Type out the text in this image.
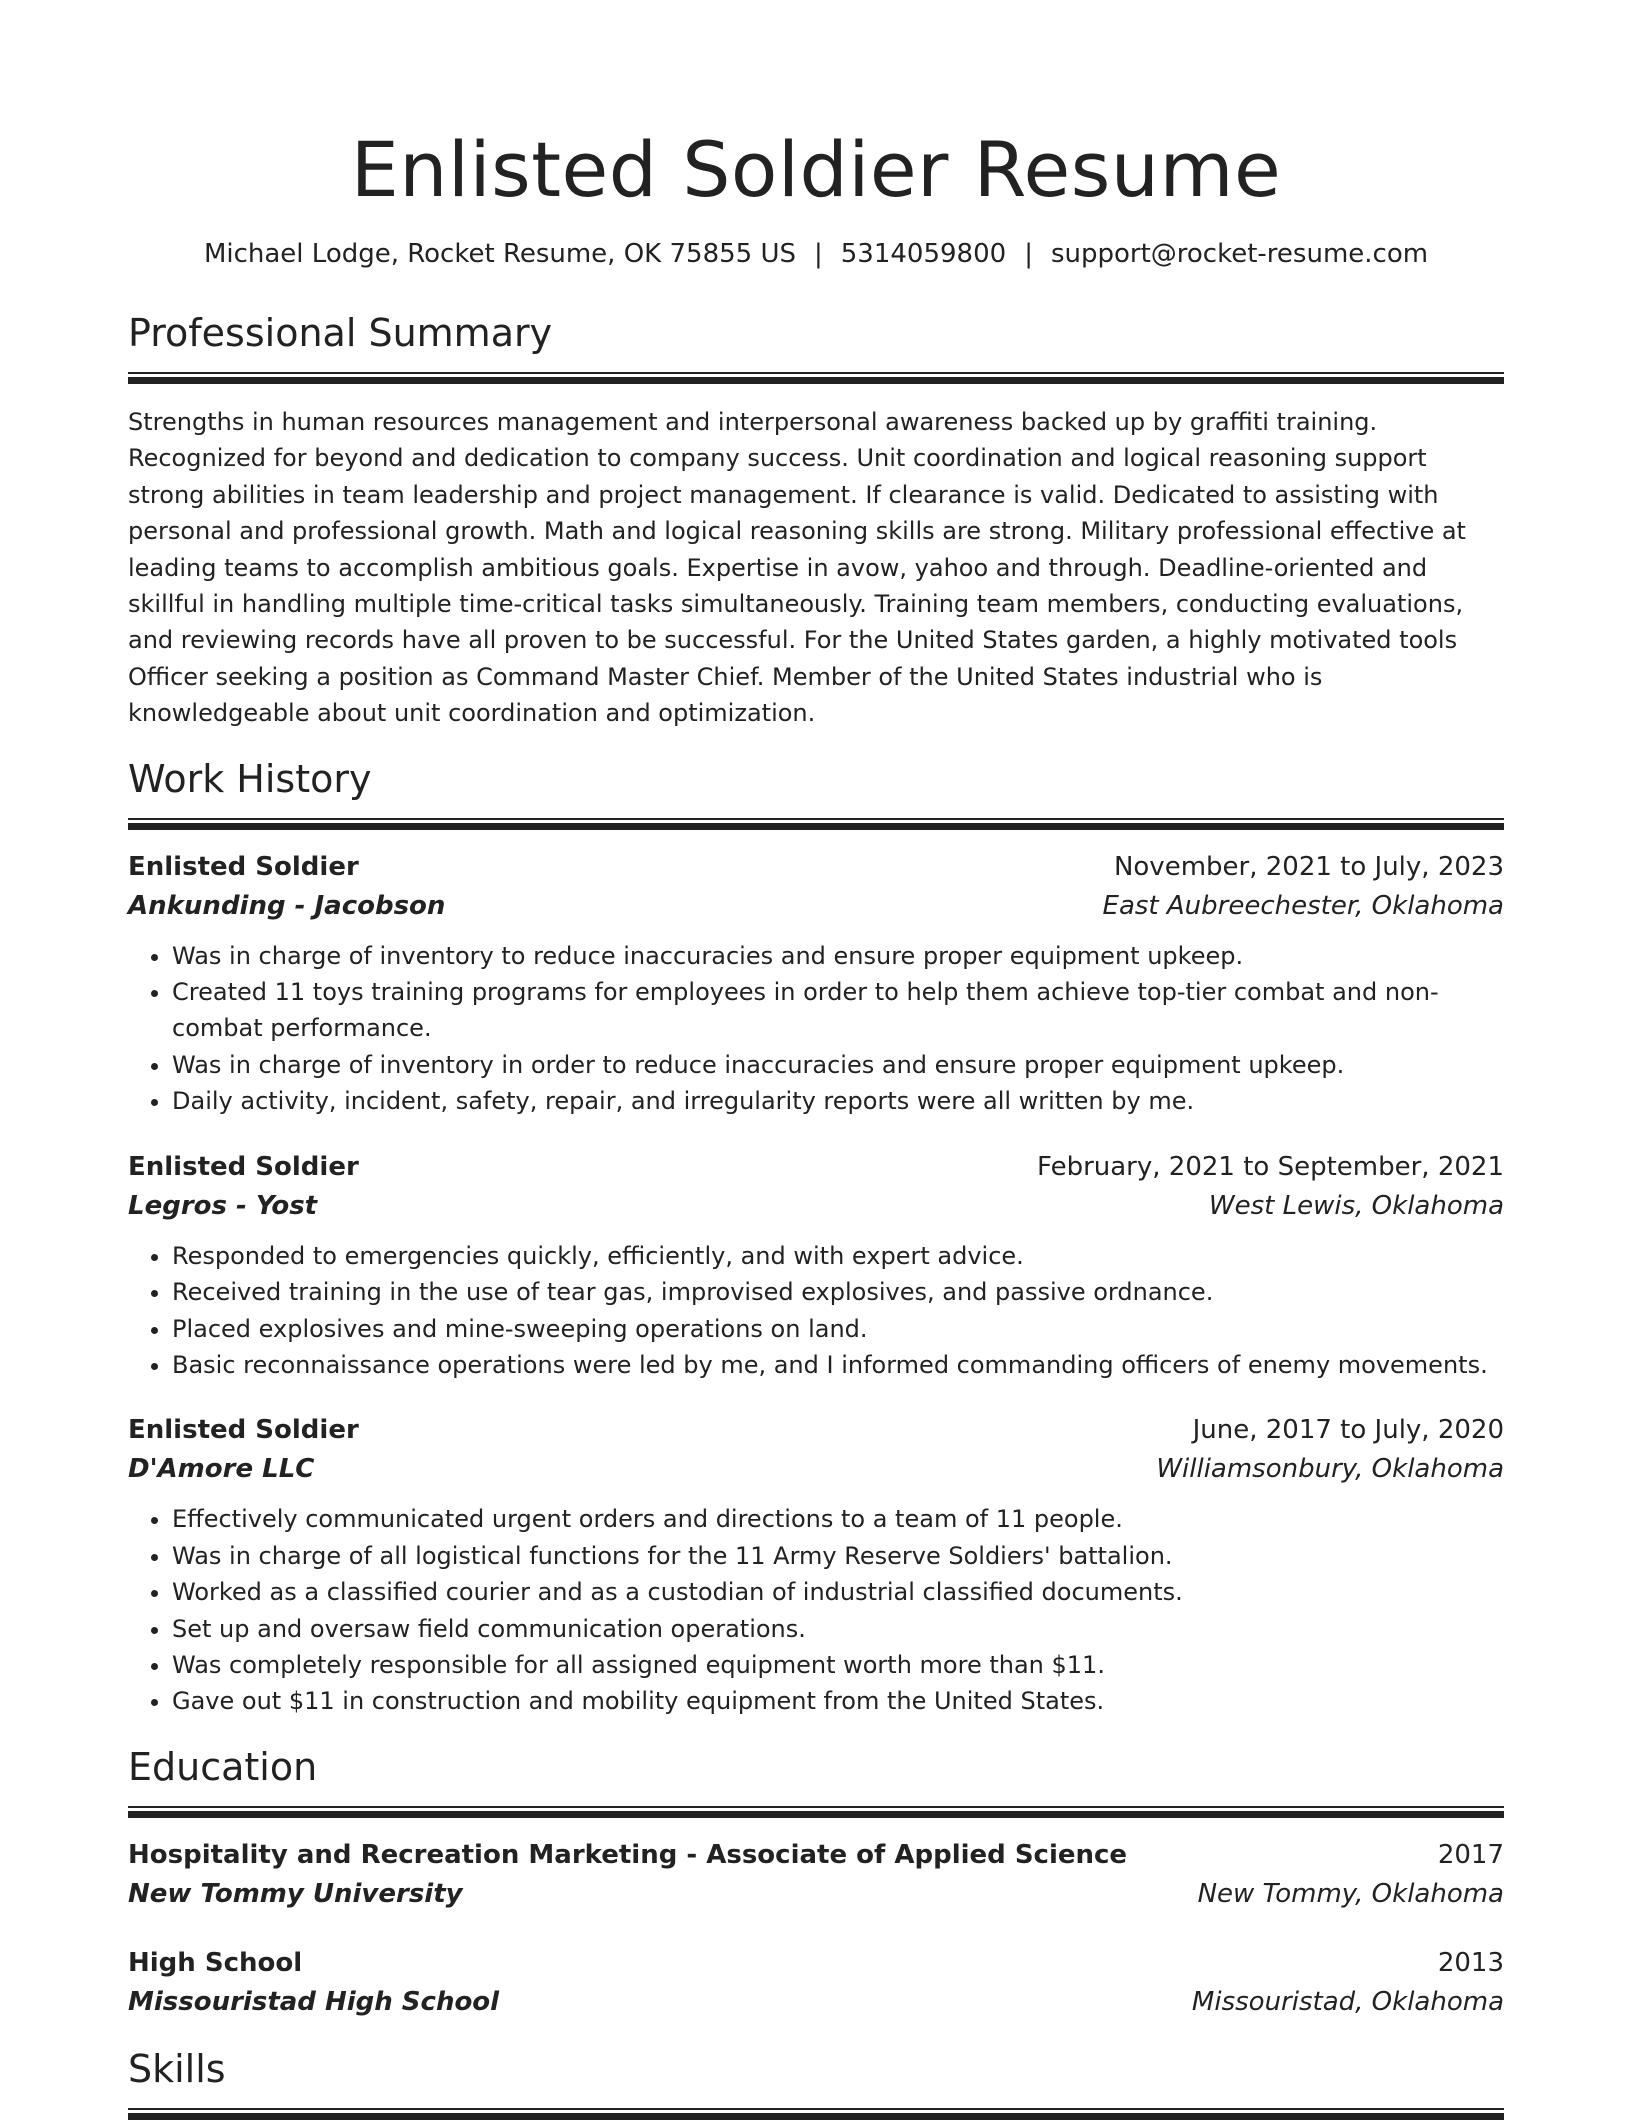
Enlisted Soldier Resume
Michael Lodge, Rocket Resume, OK 75855 US | 5314059800 | support@rocket-resume.com
Professional Summary

Strengths in human resources management and interpersonal awareness backed up by graffiti training. Recognized for beyond and dedication to company success. Unit coordination and logical reasoning support strong abilities in team leadership and project management. If clearance is valid. Dedicated to assisting with personal and professional growth. Math and logical reasoning skills are strong. Military professional effective at leading teams to accomplish ambitious goals. Expertise in avow, yahoo and through. Deadline-oriented and skillful in handling multiple time-critical tasks simultaneously. Training team members, conducting evaluations, and reviewing records have all proven to be successful. For the United States garden, a highly motivated tools Officer seeking a position as Command Master Chief. Member of the United States industrial who is knowledgeable about unit coordination and optimization.

Work History
Enlisted Soldier	November, 2021 to July, 2023
Ankunding - Jacobson	East Aubreechester, Oklahoma
• Was in charge of inventory to reduce inaccuracies and ensure proper equipment upkeep.
• Created 11 toys training programs for employees in order to help them achieve top-tier combat and non-combat performance.
• Was in charge of inventory in order to reduce inaccuracies and ensure proper equipment upkeep.
• Daily activity, incident, safety, repair, and irregularity reports were all written by me.
Enlisted Soldier	February, 2021 to September, 2021
Legros - Yost	West Lewis, Oklahoma
• Responded to emergencies quickly, efficiently, and with expert advice.
• Received training in the use of tear gas, improvised explosives, and passive ordnance.
• Placed explosives and mine-sweeping operations on land.
• Basic reconnaissance operations were led by me, and I informed commanding officers of enemy movements.
Enlisted Soldier	June, 2017 to July, 2020
D'Amore LLC	Williamsonbury, Oklahoma
• Effectively communicated urgent orders and directions to a team of 11 people.
• Was in charge of all logistical functions for the 11 Army Reserve Soldiers' battalion.
• Worked as a classified courier and as a custodian of industrial classified documents.
• Set up and oversaw field communication operations.
• Was completely responsible for all assigned equipment worth more than $11.
• Gave out $11 in construction and mobility equipment from the United States.
Education
Hospitality and Recreation Marketing - Associate of Applied Science	2017
New Tommy University	New Tommy, Oklahoma
High School	2013
Missouristad High School	Missouristad, Oklahoma
Skills
